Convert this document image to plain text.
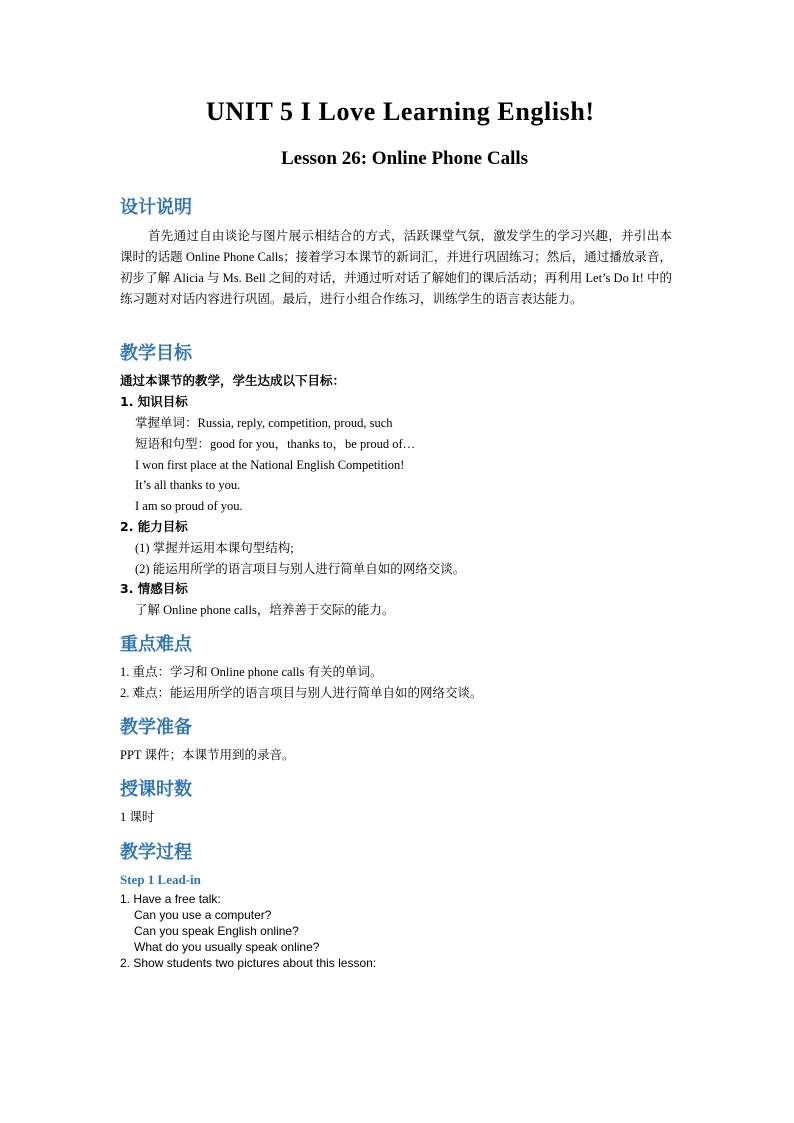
UNIT 5 I Love Learning English!
Lesson 26: Online Phone Calls
设计说明

首先通过自由谈论与图片展示相结合的方式，活跃课堂气氛，激发学生的学习兴趣，并引出本课时的话题 Online Phone Calls；接着学习本课节的新词汇，并进行巩固练习；然后，通过播放录音，初步了解 Alicia 与 Ms. Bell 之间的对话，并通过听对话了解她们的课后活动；再利用 Let’s Do It! 中的练习题对对话内容进行巩固。最后，进行小组合作练习，训练学生的语言表达能力。

教学目标
通过本课节的教学，学生达成以下目标：
1. 知识目标
掌握单词：Russia, reply, competition, proud, such
短语和句型：good for you，thanks to，be proud of…
I won first place at the National English Competition!
It’s all thanks to you.
I am so proud of you.
2. 能力目标
(1) 掌握并运用本课句型结构;
(2) 能运用所学的语言项目与别人进行简单自如的网络交谈。
3. 情感目标
了解 Online phone calls，培养善于交际的能力。
重点难点
1. 重点：学习和 Online phone calls 有关的单词。
2. 难点：能运用所学的语言项目与别人进行简单自如的网络交谈。
教学准备
PPT 课件；本课节用到的录音。
授课时数
1 课时
教学过程
Step 1 Lead-in
1. Have a free talk:
Can you use a computer?
Can you speak English online?
What do you usually speak online?
2. Show students two pictures about this lesson:
